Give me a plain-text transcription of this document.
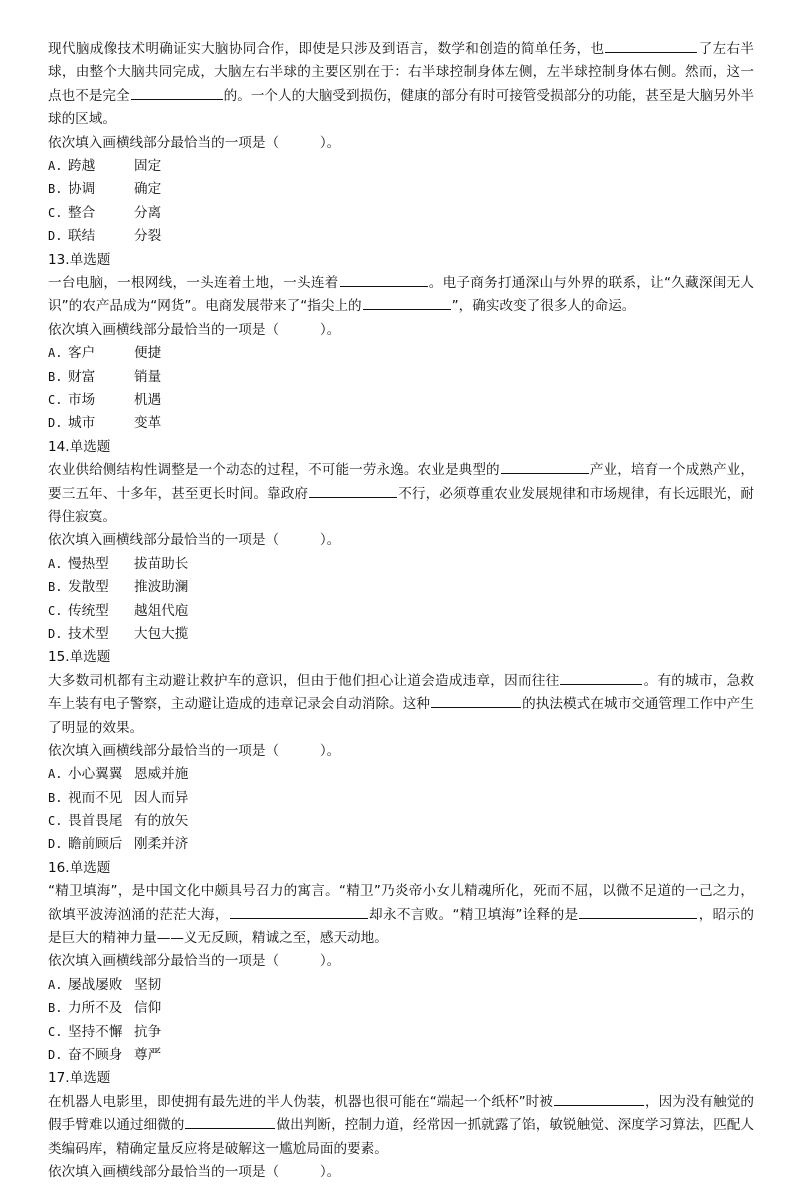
现代脑成像技术明确证实大脑协同合作，即使是只涉及到语言，数学和创造的简单任务，也	了左右半球，由整个大脑共同完成，大脑左右半球的主要区别在于：右半球控制身体左侧，左半球控制身体右侧。然而，这一点也不是完全	的。一个人的大脑受到损伤，健康的部分有时可接管受损部分的功能，甚至是大脑另外半球的区域。

依次填入画横线部分最恰当的一项是（　　　）。
A. 跨越	固定
B. 协调	确定
C. 整合	分离
D. 联结	分裂
13.单选题

一台电脑，一根网线，一头连着土地，一头连着	。电子商务打通深山与外界的联系，让“久藏深闺无人识”的农产品成为“网货”。电商发展带来了“指尖上的	”，确实改变了很多人的命运。

依次填入画横线部分最恰当的一项是（　　　）。
A. 客户	便捷
B. 财富	销量
C. 市场	机遇
D. 城市	变革
14.单选题

农业供给侧结构性调整是一个动态的过程，不可能一劳永逸。农业是典型的	产业，培育一个成熟产业，要三五年、十多年，甚至更长时间。靠政府	不行，必须尊重农业发展规律和市场规律，有长远眼光，耐得住寂寞。

依次填入画横线部分最恰当的一项是（　　　）。
A. 慢热型 拔苗助长
B. 发散型 推波助澜
C. 传统型 越俎代庖
D. 技术型 大包大揽
15.单选题

大多数司机都有主动避让救护车的意识，但由于他们担心让道会造成违章，因而往往	。有的城市，急救车上装有电子警察，主动避让造成的违章记录会自动消除。这种	的执法模式在城市交通管理工作中产生了明显的效果。

依次填入画横线部分最恰当的一项是（　　　）。
A. 小心翼翼 恩威并施
B. 视而不见 因人而异
C. 畏首畏尾 有的放矢
D. 瞻前顾后 刚柔并济
16.单选题

“精卫填海”，是中国文化中颇具号召力的寓言。“精卫”乃炎帝小女儿精魂所化，死而不屈，以微不足道的一己之力，欲填平波涛汹涌的茫茫大海，	却永不言败。“精卫填海”诠释的是	，昭示的是巨大的精神力量——义无反顾，精诚之至，感天动地。

依次填入画横线部分最恰当的一项是（　　　）。
A. 屡战屡败 坚韧
B. 力所不及 信仰
C. 坚持不懈 抗争
D. 奋不顾身 尊严
17.单选题

在机器人电影里，即使拥有最先进的半人伪装，机器也很可能在“端起一个纸杯”时被	，因为没有触觉的假手臂难以通过细微的	做出判断，控制力道，经常因一抓就露了馅，敏锐触觉、深度学习算法，匹配人类编码库，精确定量反应将是破解这一尴尬局面的要素。

依次填入画横线部分最恰当的一项是（　　　）。
